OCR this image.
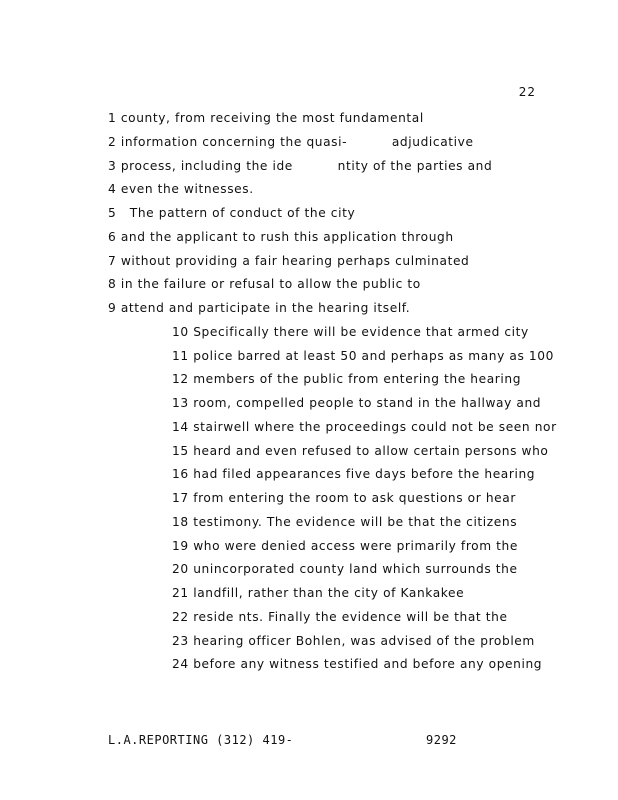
22
1 county, from receiving the most fundamental
2 information concerning the quasi-          adjudicative
3 process, including the ide          ntity of the parties and
4 even the witnesses.
5   The pattern of conduct of the city
6 and the applicant to rush this application through
7 without providing a fair hearing perhaps culminated
8 in the failure or refusal to allow the public to
9 attend and participate in the hearing itself.
10 Specifically there will be evidence that armed city
11 police barred at least 50 and perhaps as many as 100
12 members of the public from entering the hearing
13 room, compelled people to stand in the hallway and
14 stairwell where the proceedings could not be seen nor
15 heard and even refused to allow certain persons who
16 had filed appearances five days before the hearing
17 from entering the room to ask questions or hear
18 testimony. The evidence will be that the citizens
19 who were denied access were primarily from the
20 unincorporated county land which surrounds the
21 landfill, rather than the city of Kankakee
22 reside nts. Finally the evidence will be that the
23 hearing officer Bohlen, was advised of the problem
24 before any witness testified and before any opening

L.A.REPORTING (312) 419-

	9292
